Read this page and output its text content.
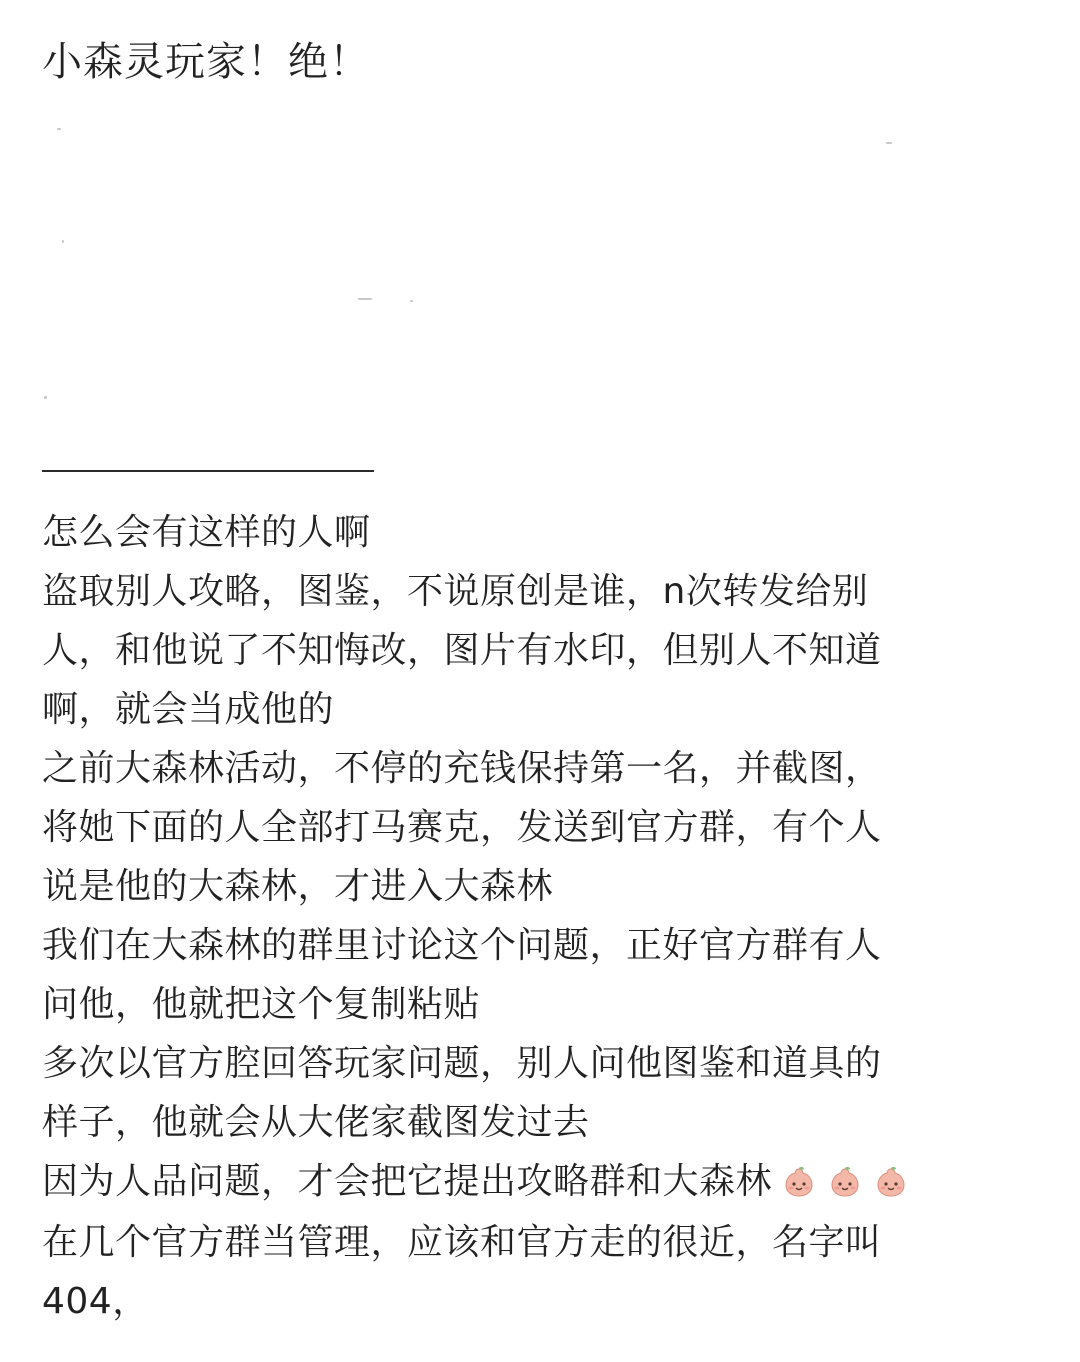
小森灵玩家！绝！
怎么会有这样的人啊
盗取别人攻略，图鉴，不说原创是谁，n次转发给别
人，和他说了不知悔改，图片有水印，但别人不知道
啊，就会当成他的
之前大森林活动，不停的充钱保持第一名，并截图，
将她下面的人全部打马赛克，发送到官方群，有个人
说是他的大森林，才进入大森林
我们在大森林的群里讨论这个问题，正好官方群有人
问他，他就把这个复制粘贴
多次以官方腔回答玩家问题，别人问他图鉴和道具的
样子，他就会从大佬家截图发过去
因为人品问题，才会把它提出攻略群和大森林
在几个官方群当管理，应该和官方走的很近，名字叫
404，
